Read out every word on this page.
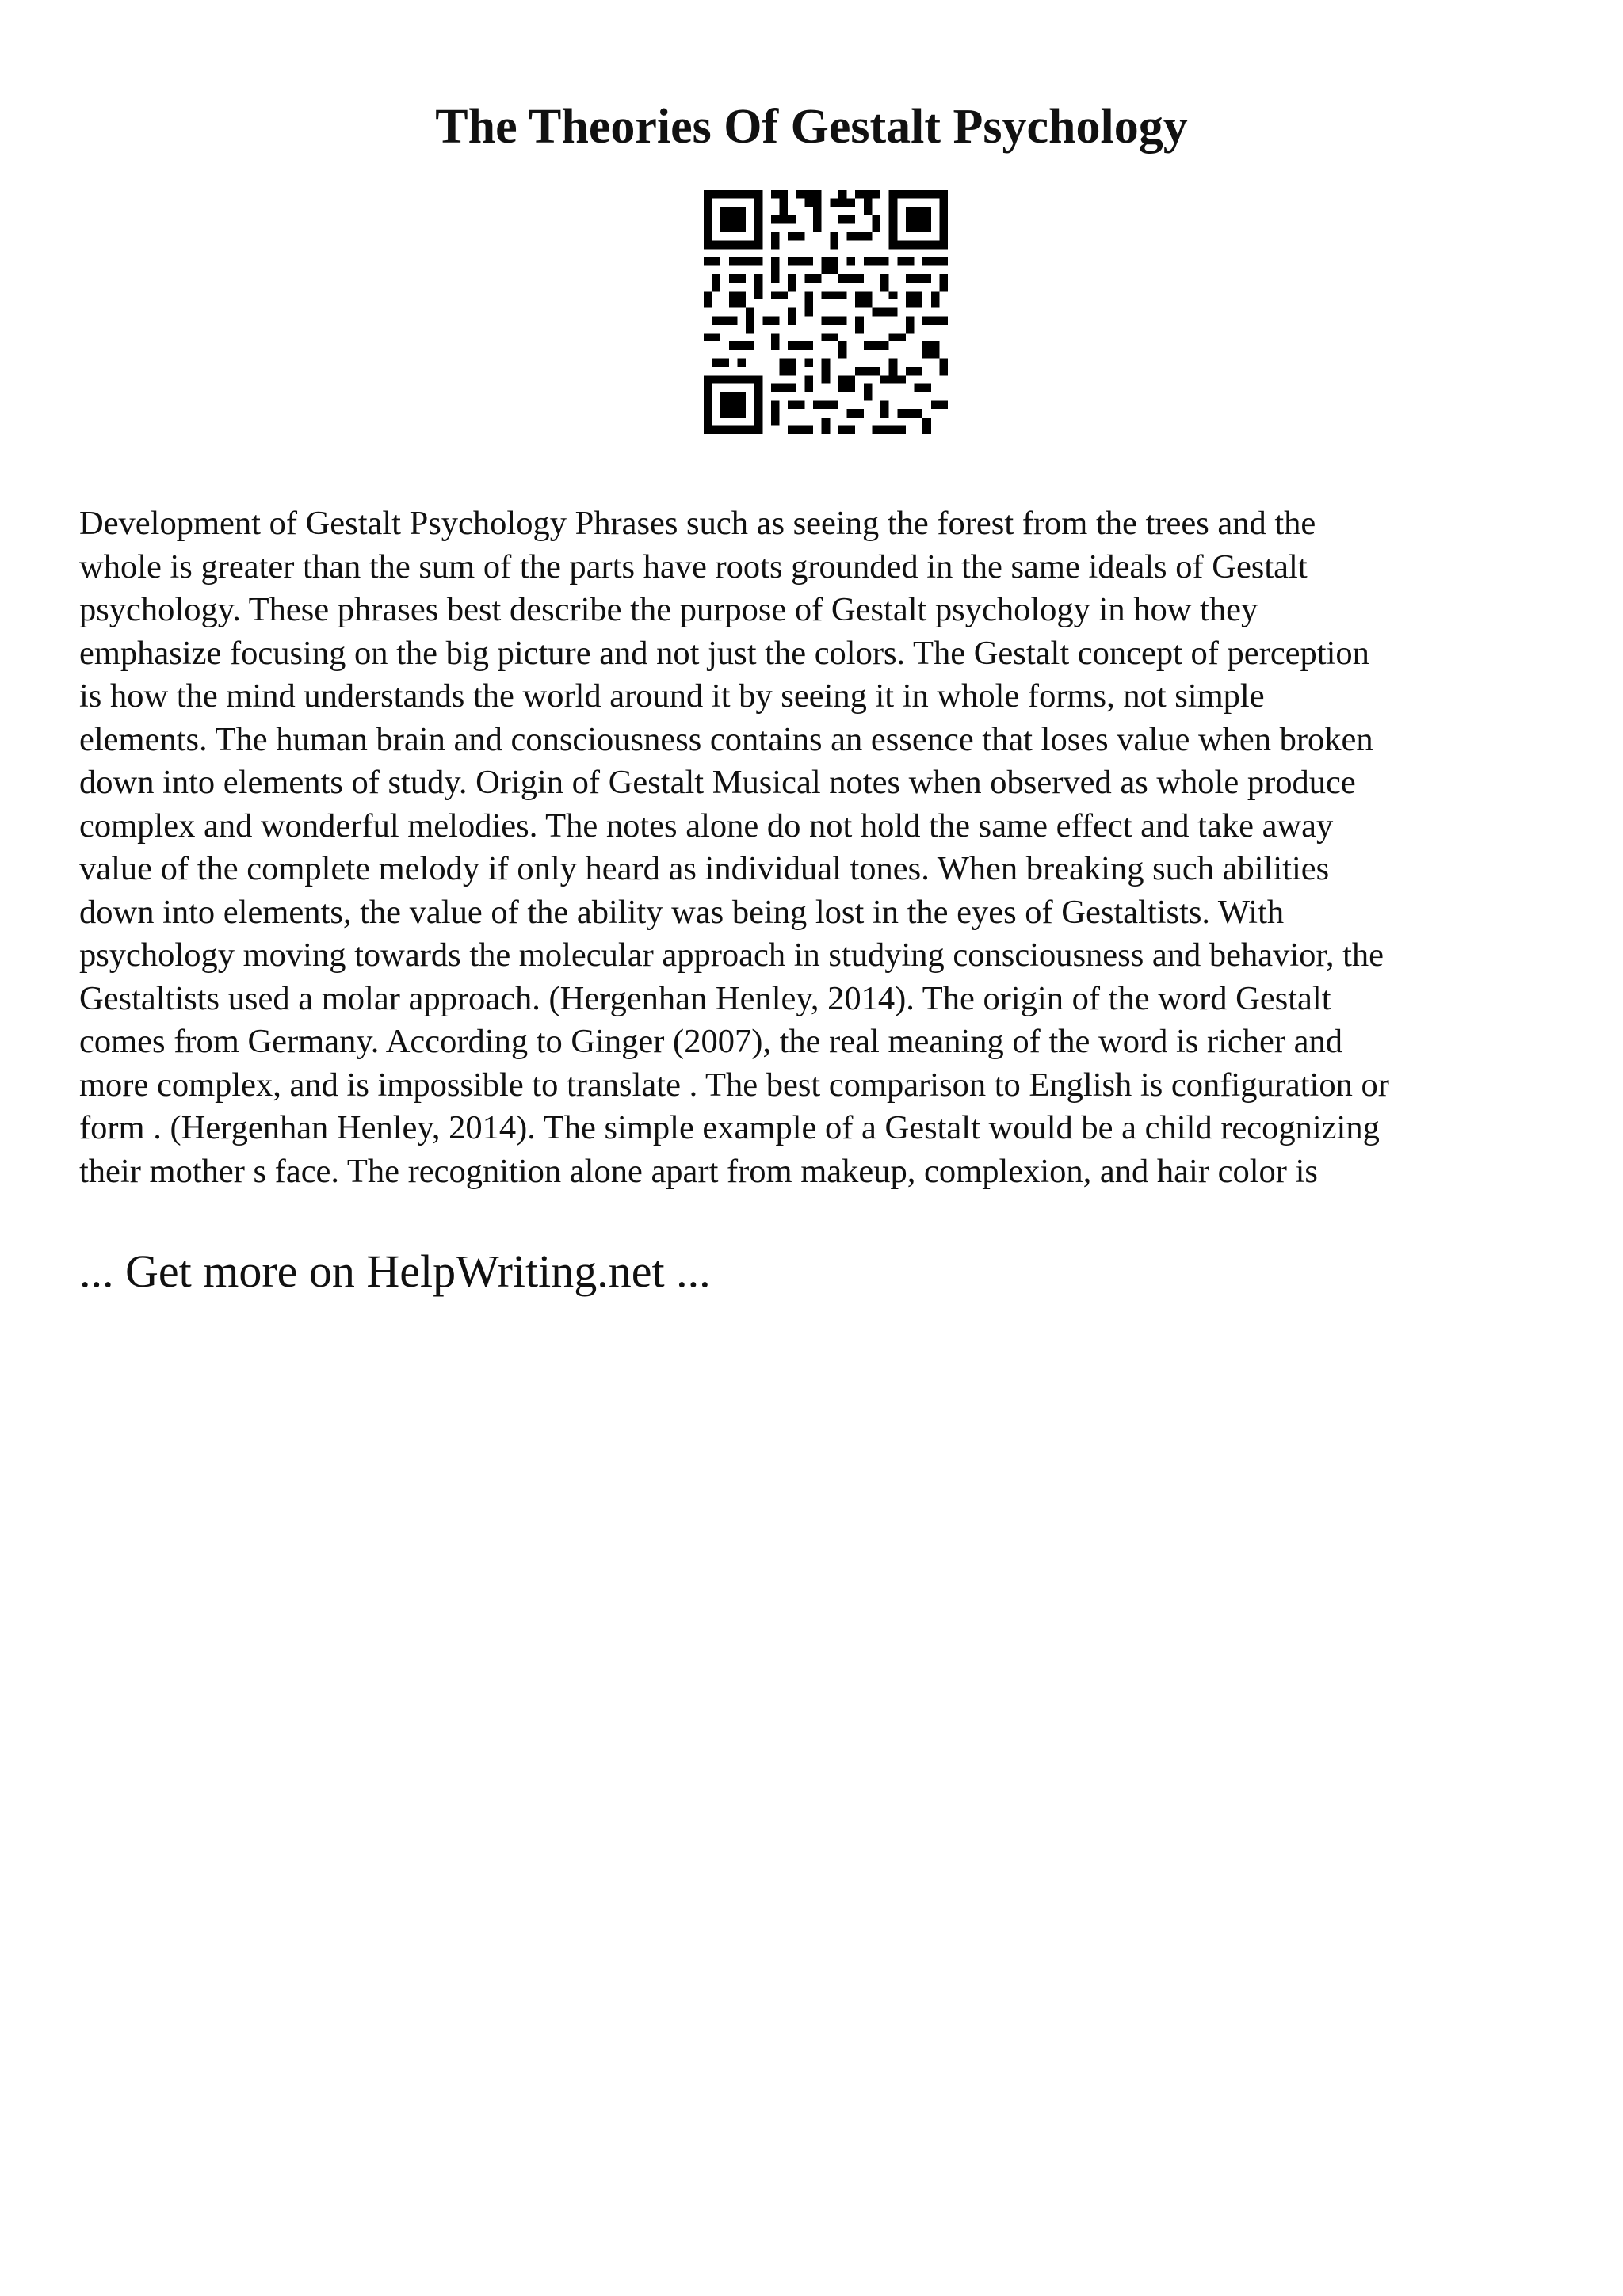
The Theories Of Gestalt Psychology

Development of Gestalt Psychology Phrases such as seeing the forest from the trees and the
whole is greater than the sum of the parts have roots grounded in the same ideals of Gestalt
psychology. These phrases best describe the purpose of Gestalt psychology in how they
emphasize focusing on the big picture and not just the colors. The Gestalt concept of perception
is how the mind understands the world around it by seeing it in whole forms, not simple
elements. The human brain and consciousness contains an essence that loses value when broken
down into elements of study. Origin of Gestalt Musical notes when observed as whole produce
complex and wonderful melodies. The notes alone do not hold the same effect and take away
value of the complete melody if only heard as individual tones. When breaking such abilities
down into elements, the value of the ability was being lost in the eyes of Gestaltists. With
psychology moving towards the molecular approach in studying consciousness and behavior, the
Gestaltists used a molar approach. (Hergenhan Henley, 2014). The origin of the word Gestalt
comes from Germany. According to Ginger (2007), the real meaning of the word is richer and
more complex, and is impossible to translate . The best comparison to English is configuration or
form . (Hergenhan Henley, 2014). The simple example of a Gestalt would be a child recognizing
their mother s face. The recognition alone apart from makeup, complexion, and hair color is

... Get more on HelpWriting.net ...
